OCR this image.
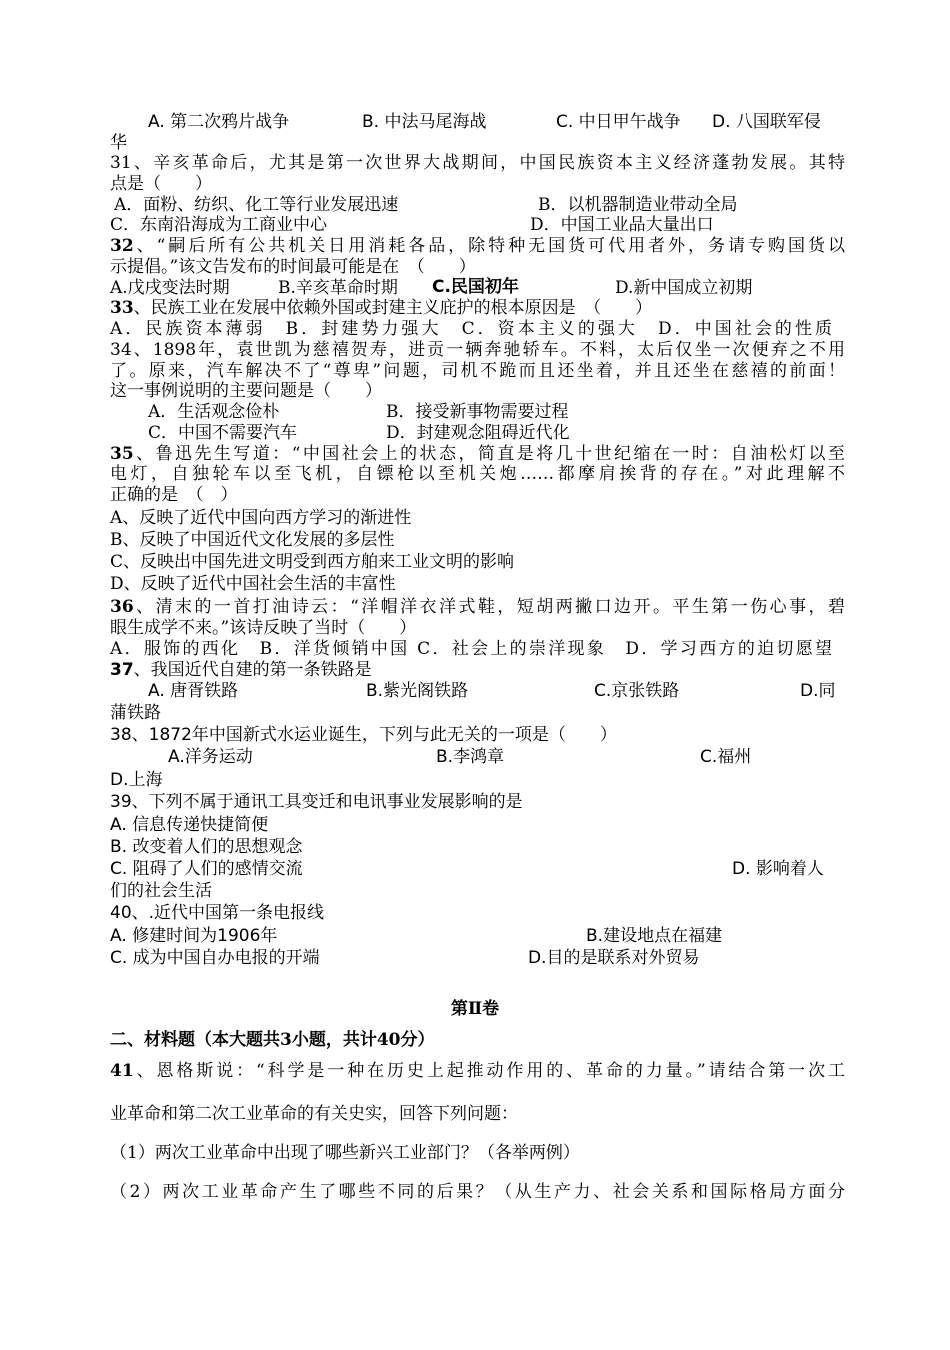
A. 第二次鸦片战争	B. 中法马尾海战	C. 中日甲午战争 D. 八国联军侵
华
31、辛亥革命后，尤其是第一次世界大战期间，中国民族资本主义经济蓬勃发展。其特
点是（　　）
A．面粉、纺织、化工等行业发展迅速	B．以机器制造业带动全局
C．东南沿海成为工商业中心	D．中国工业品大量出口
32、“嗣后所有公共机关日用消耗各品，除特种无国货可代用者外，务请专购国货以
示提倡。”该文告发布的时间最可能是在　（　　）
A.戊戌变法时期	B.辛亥革命时期 C.民国初年	D.新中国成立初期
33、民族工业在发展中依赖外国或封建主义庇护的根本原因是　（　　）
A．民族资本薄弱　B．封建势力强大　C．资本主义的强大　D．中国社会的性质
34、1898年，袁世凯为慈禧贺寿，进贡一辆奔驰轿车。不料，太后仅坐一次便弃之不用
了。原来，汽车解决不了“尊卑”问题，司机不跪而且还坐着，并且还坐在慈禧的前面！
这一事例说明的主要问题是（　　）
A．生活观念俭朴	B．接受新事物需要过程
C．中国不需要汽车	D．封建观念阻碍近代化
35、鲁迅先生写道：“中国社会上的状态，简直是将几十世纪缩在一时：自油松灯以至
电灯，自独轮车以至飞机，自镖枪以至机关炮……都摩肩挨背的存在。”对此理解不
正确的是　（　）
A、反映了近代中国向西方学习的渐进性
B、反映了中国近代文化发展的多层性
C、反映出中国先进文明受到西方舶来工业文明的影响
D、反映了近代中国社会生活的丰富性
36、清末的一首打油诗云：“洋帽洋衣洋式鞋，短胡两撇口边开。平生第一伤心事，碧
眼生成学不来。”该诗反映了当时（　　）
A．服饰的西化　B．洋货倾销中国 C．社会上的崇洋现象　D．学习西方的迫切愿望
37、我国近代自建的第一条铁路是
A. 唐胥铁路	B.紫光阁铁路	C.京张铁路	D.同
蒲铁路
38、1872年中国新式水运业诞生，下列与此无关的一项是（　　）
A.洋务运动	B.李鸿章	C.福州
D.上海
39、下列不属于通讯工具变迁和电讯事业发展影响的是
A. 信息传递快捷简便
B. 改变着人们的思想观念
C. 阻碍了人们的感情交流	D. 影响着人
们的社会生活
40、.近代中国第一条电报线
A. 修建时间为1906年	B.建设地点在福建
C. 成为中国自办电报的开端	D.目的是联系对外贸易
第Ⅱ卷
二、材料题（本大题共3小题，共计40分）
41、恩格斯说：“科学是一种在历史上起推动作用的、革命的力量。”请结合第一次工
业革命和第二次工业革命的有关史实，回答下列问题：
（1）两次工业革命中出现了哪些新兴工业部门？（各举两例）
（2）两次工业革命产生了哪些不同的后果？（从生产力、社会关系和国际格局方面分
